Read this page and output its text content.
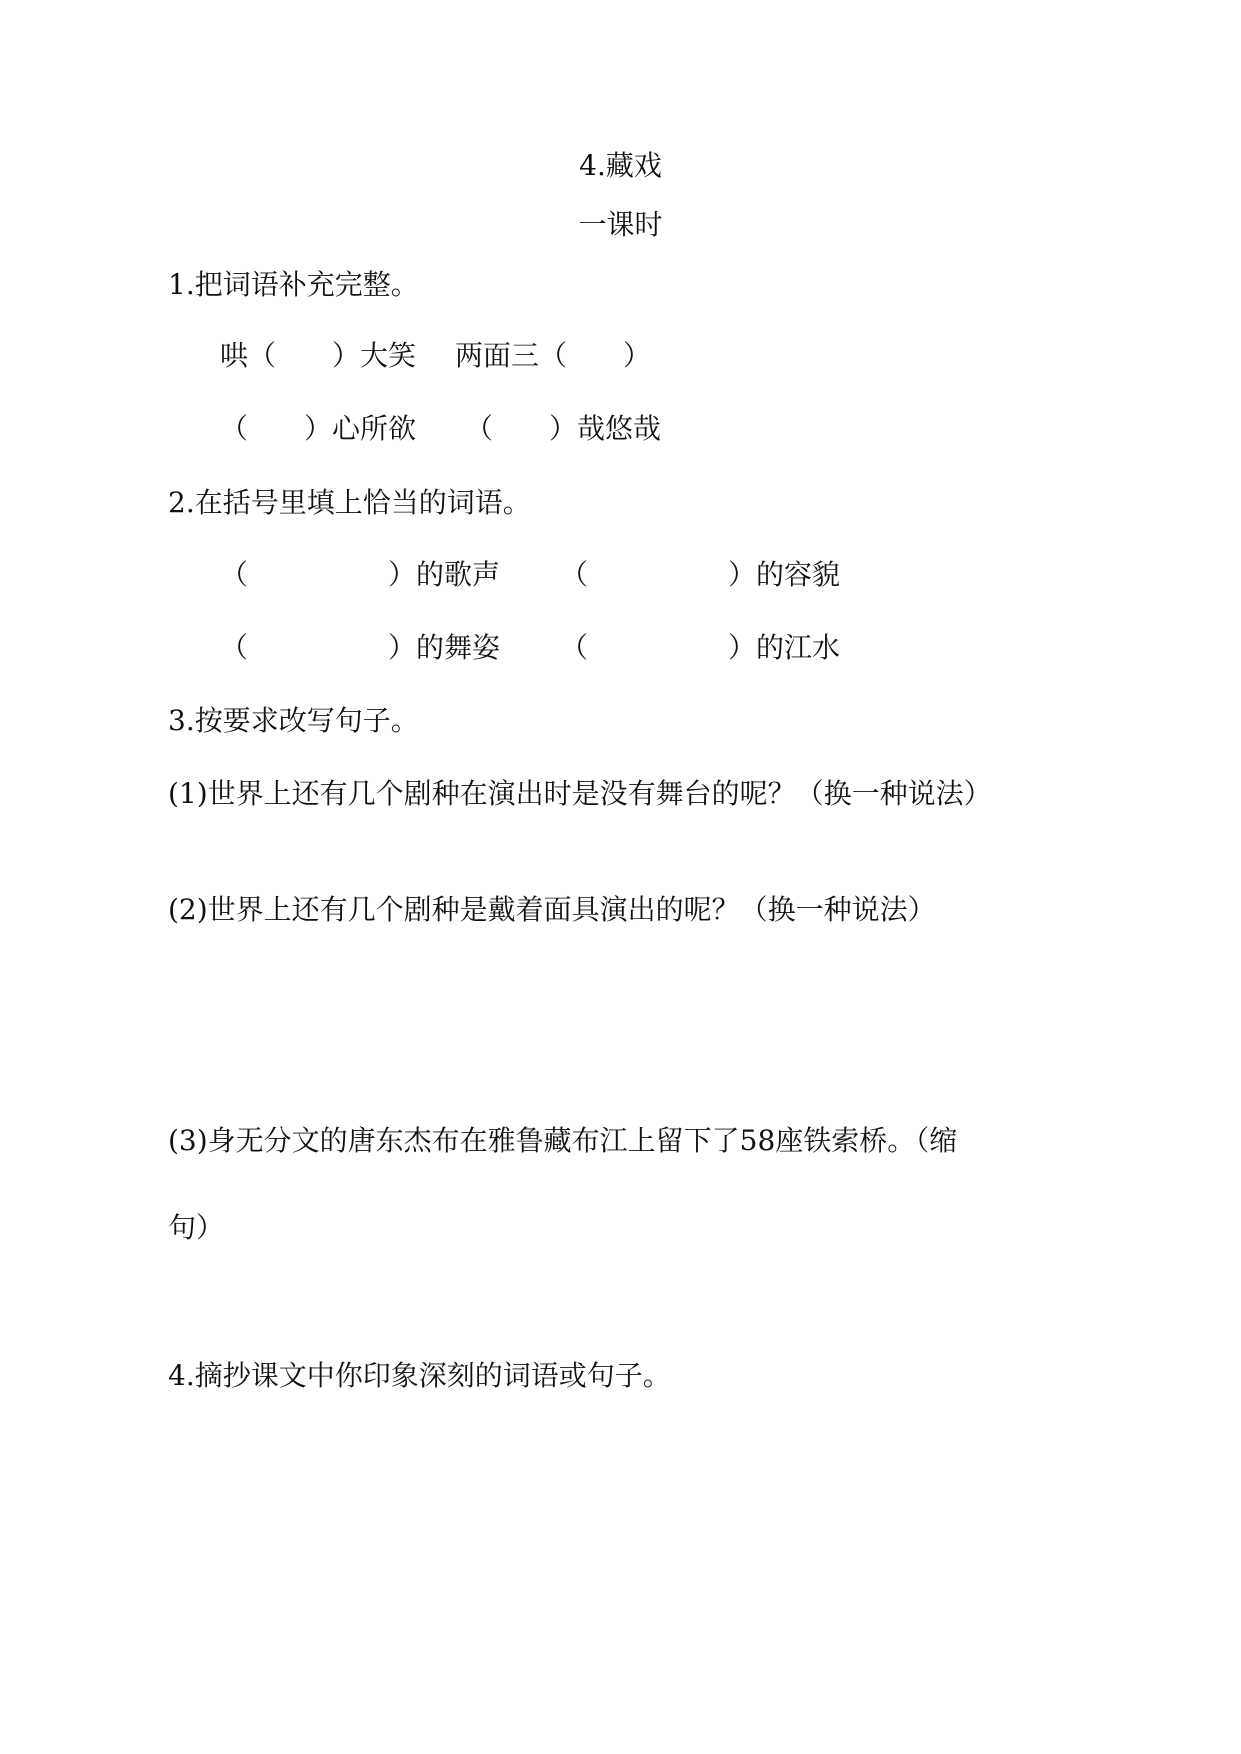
4.藏戏
一课时
1.把词语补充完整。
哄（　　）大笑 两面三（　　）
（　　）心所欲 （　　）哉悠哉
2.在括号里填上恰当的词语。
（　　　　　）的歌声 （　　　　　）的容貌
（　　　　　）的舞姿 （　　　　　）的江水
3.按要求改写句子。
(1)世界上还有几个剧种在演出时是没有舞台的呢？（换一种说法）
(2)世界上还有几个剧种是戴着面具演出的呢？（换一种说法）
(3)身无分文的唐东杰布在雅鲁藏布江上留下了58座铁索桥。（缩
句）
4.摘抄课文中你印象深刻的词语或句子。
